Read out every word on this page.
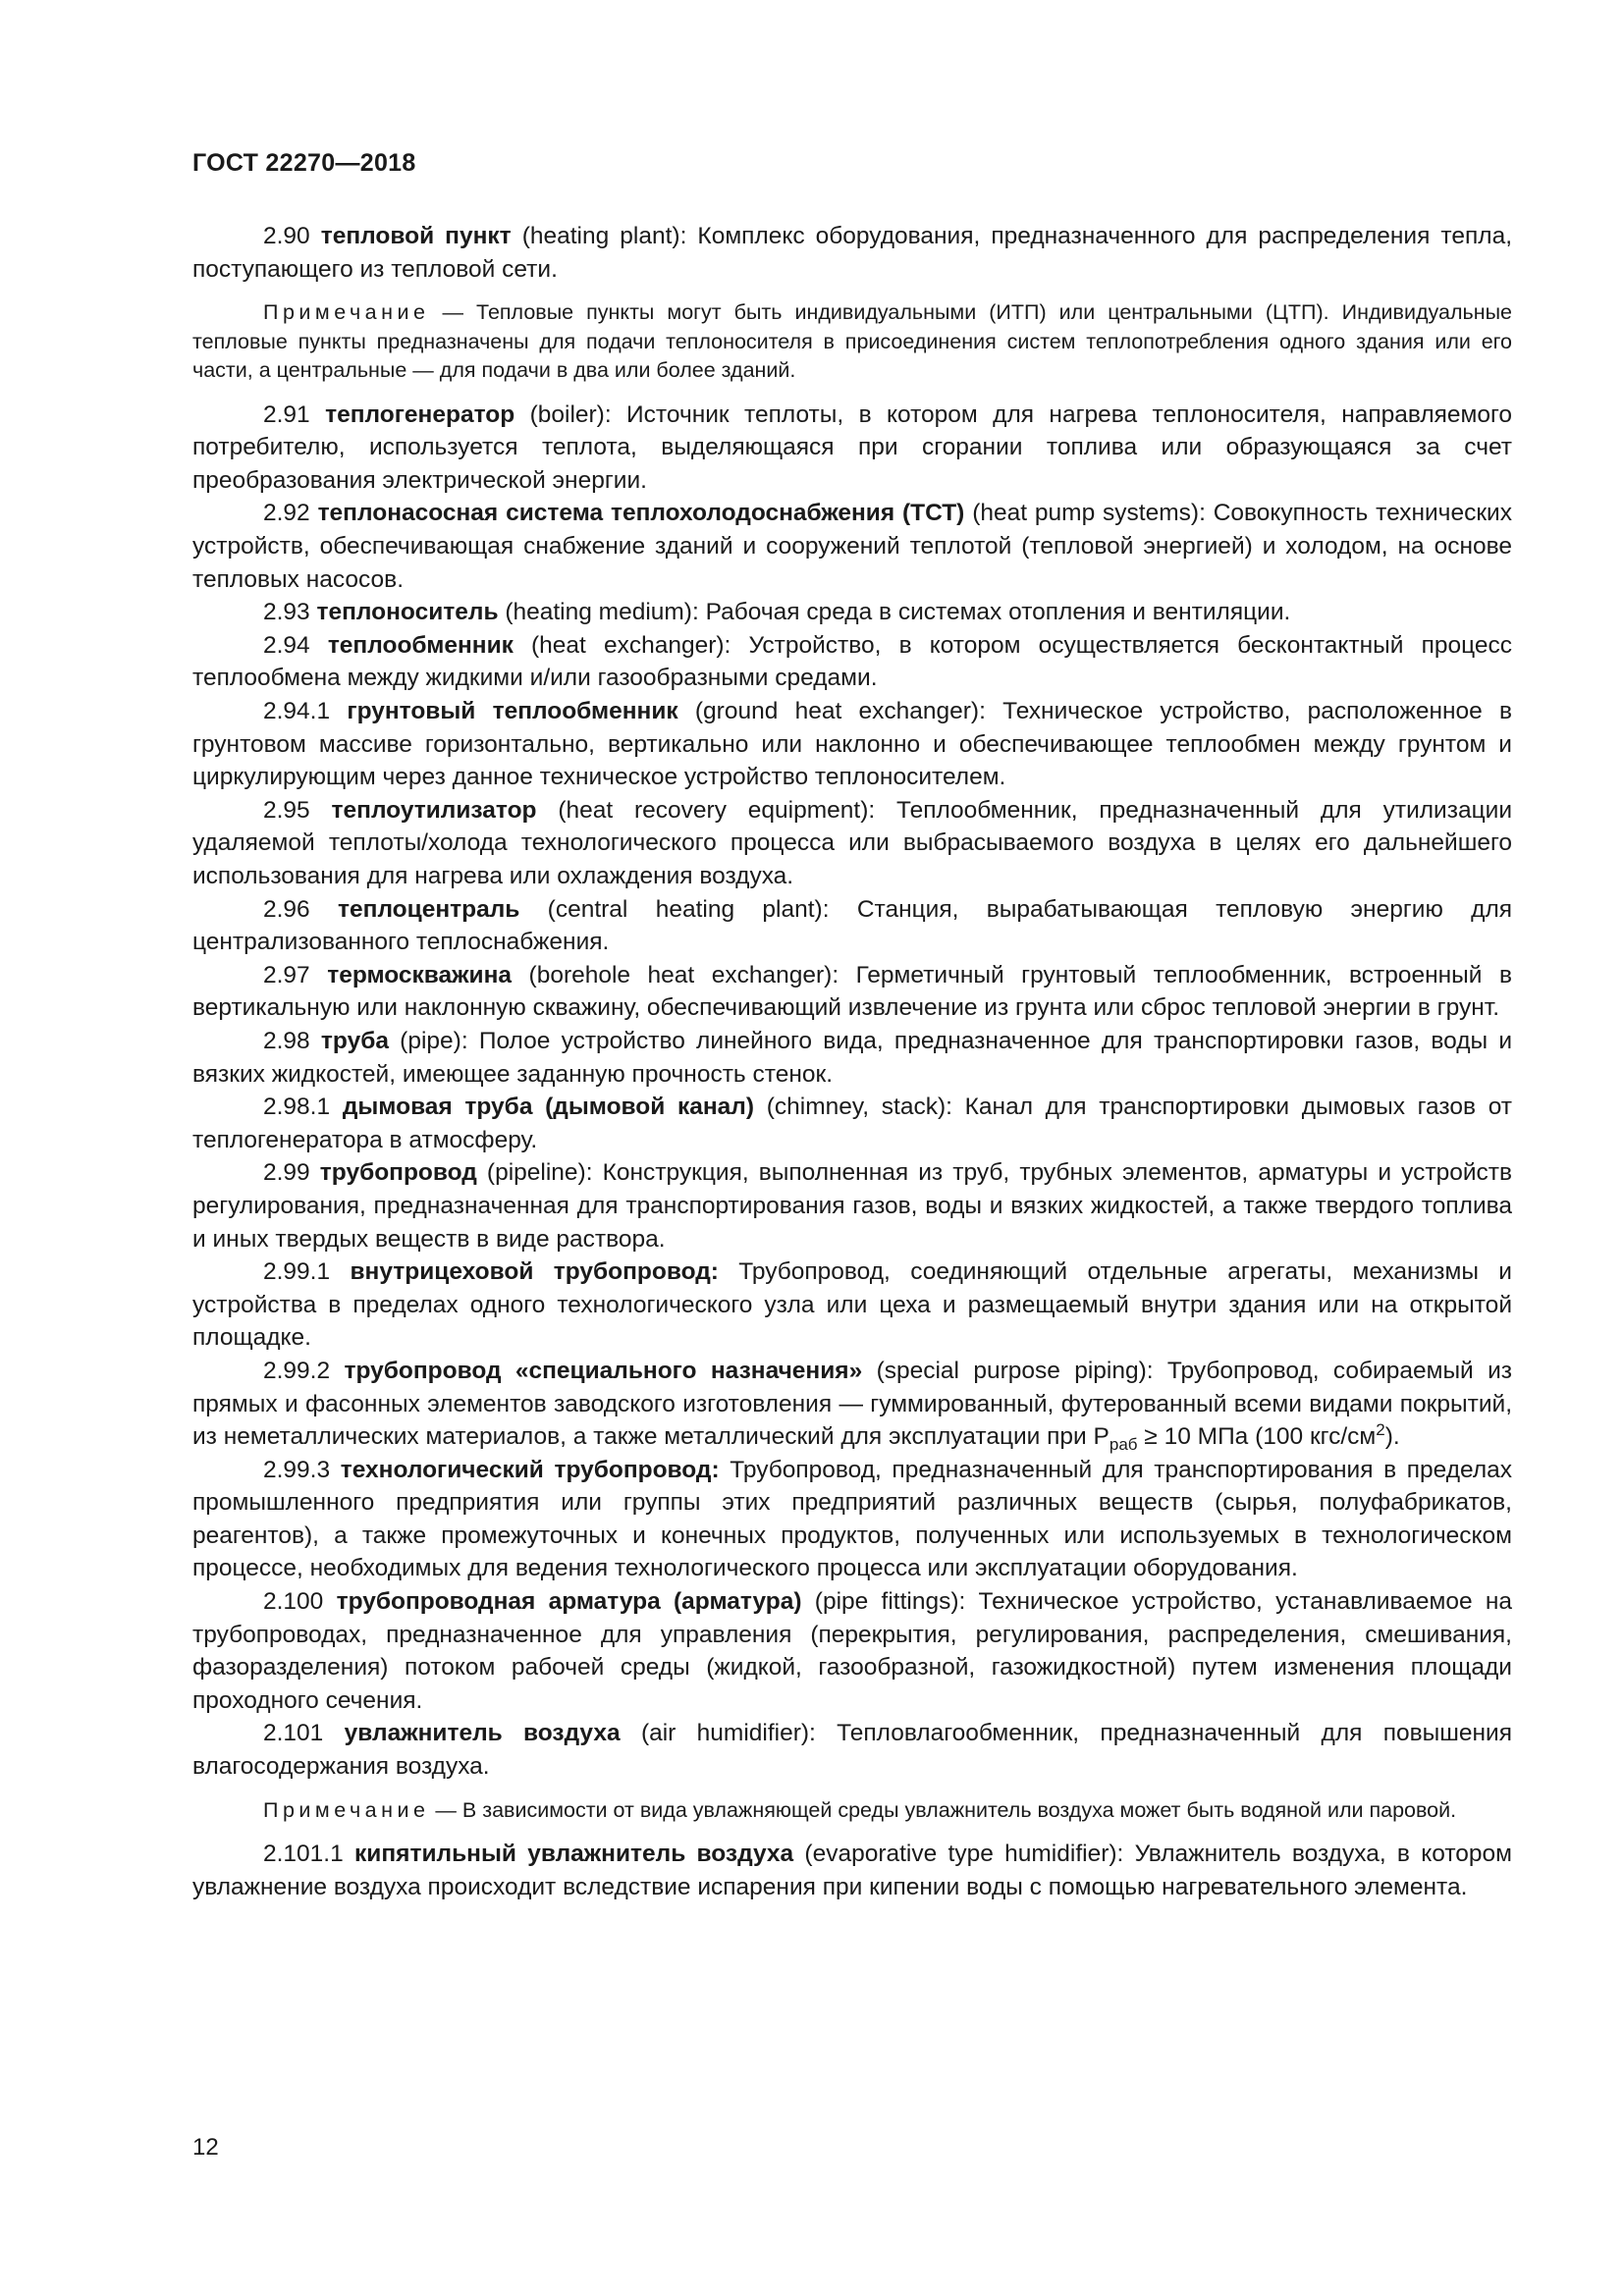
ГОСТ 22270—2018

2.90 тепловой пункт (heating plant): Комплекс оборудования, предназначенного для распределения тепла, поступающего из тепловой сети.

Примечание — Тепловые пункты могут быть индивидуальными (ИТП) или центральными (ЦТП). Индивидуальные тепловые пункты предназначены для подачи теплоносителя в присоединения систем теплопотребления одного здания или его части, а центральные — для подачи в два или более зданий.

2.91 теплогенератор (boiler): Источник теплоты, в котором для нагрева теплоносителя, направляемого потребителю, используется теплота, выделяющаяся при сгорании топлива или образующаяся за счет преобразования электрической энергии.

2.92 теплонасосная система теплохолодоснабжения (ТСТ) (heat pump systems): Совокупность технических устройств, обеспечивающая снабжение зданий и сооружений теплотой (тепловой энергией) и холодом, на основе тепловых насосов.

2.93 теплоноситель (heating medium): Рабочая среда в системах отопления и вентиляции.

2.94 теплообменник (heat exchanger): Устройство, в котором осуществляется бесконтактный процесс теплообмена между жидкими и/или газообразными средами.

2.94.1 грунтовый теплообменник (ground heat exchanger): Техническое устройство, расположенное в грунтовом массиве горизонтально, вертикально или наклонно и обеспечивающее теплообмен между грунтом и циркулирующим через данное техническое устройство теплоносителем.

2.95 теплоутилизатор (heat recovery equipment): Теплообменник, предназначенный для утилизации удаляемой теплоты/холода технологического процесса или выбрасываемого воздуха в целях его дальнейшего использования для нагрева или охлаждения воздуха.

2.96 теплоцентраль (central heating plant): Станция, вырабатывающая тепловую энергию для централизованного теплоснабжения.

2.97 термоскважина (borehole heat exchanger): Герметичный грунтовый теплообменник, встроенный в вертикальную или наклонную скважину, обеспечивающий извлечение из грунта или сброс тепловой энергии в грунт.

2.98 труба (pipe): Полое устройство линейного вида, предназначенное для транспортировки газов, воды и вязких жидкостей, имеющее заданную прочность стенок.

2.98.1 дымовая труба (дымовой канал) (chimney, stack): Канал для транспортировки дымовых газов от теплогенератора в атмосферу.

2.99 трубопровод (pipeline): Конструкция, выполненная из труб, трубных элементов, арматуры и устройств регулирования, предназначенная для транспортирования газов, воды и вязких жидкостей, а также твердого топлива и иных твердых веществ в виде раствора.

2.99.1 внутрицеховой трубопровод: Трубопровод, соединяющий отдельные агрегаты, механизмы и устройства в пределах одного технологического узла или цеха и размещаемый внутри здания или на открытой площадке.

2.99.2 трубопровод «специального назначения» (special purpose piping): Трубопровод, собираемый из прямых и фасонных элементов заводского изготовления — гуммированный, футерованный всеми видами покрытий, из неметаллических материалов, а также металлический для эксплуатации при $P_{раб} \ge 10$ МПа (100 кгс/$см^2$).

2.99.3 технологический трубопровод: Трубопровод, предназначенный для транспортирования в пределах промышленного предприятия или группы этих предприятий различных веществ (сырья, полуфабрикатов, реагентов), а также промежуточных и конечных продуктов, полученных или используемых в технологическом процессе, необходимых для ведения технологического процесса или эксплуатации оборудования.

2.100 трубопроводная арматура (арматура) (pipe fittings): Техническое устройство, устанавливаемое на трубопроводах, предназначенное для управления (перекрытия, регулирования, распределения, смешивания, фазоразделения) потоком рабочей среды (жидкой, газообразной, газожидкостной) путем изменения площади проходного сечения.

2.101 увлажнитель воздуха (air humidifier): Тепловлагообменник, предназначенный для повышения влагосодержания воздуха.

Примечание — В зависимости от вида увлажняющей среды увлажнитель воздуха может быть водяной или паровой.

2.101.1 кипятильный увлажнитель воздуха (evaporative type humidifier): Увлажнитель воздуха, в котором увлажнение воздуха происходит вследствие испарения при кипении воды с помощью нагревательного элемента.

12
